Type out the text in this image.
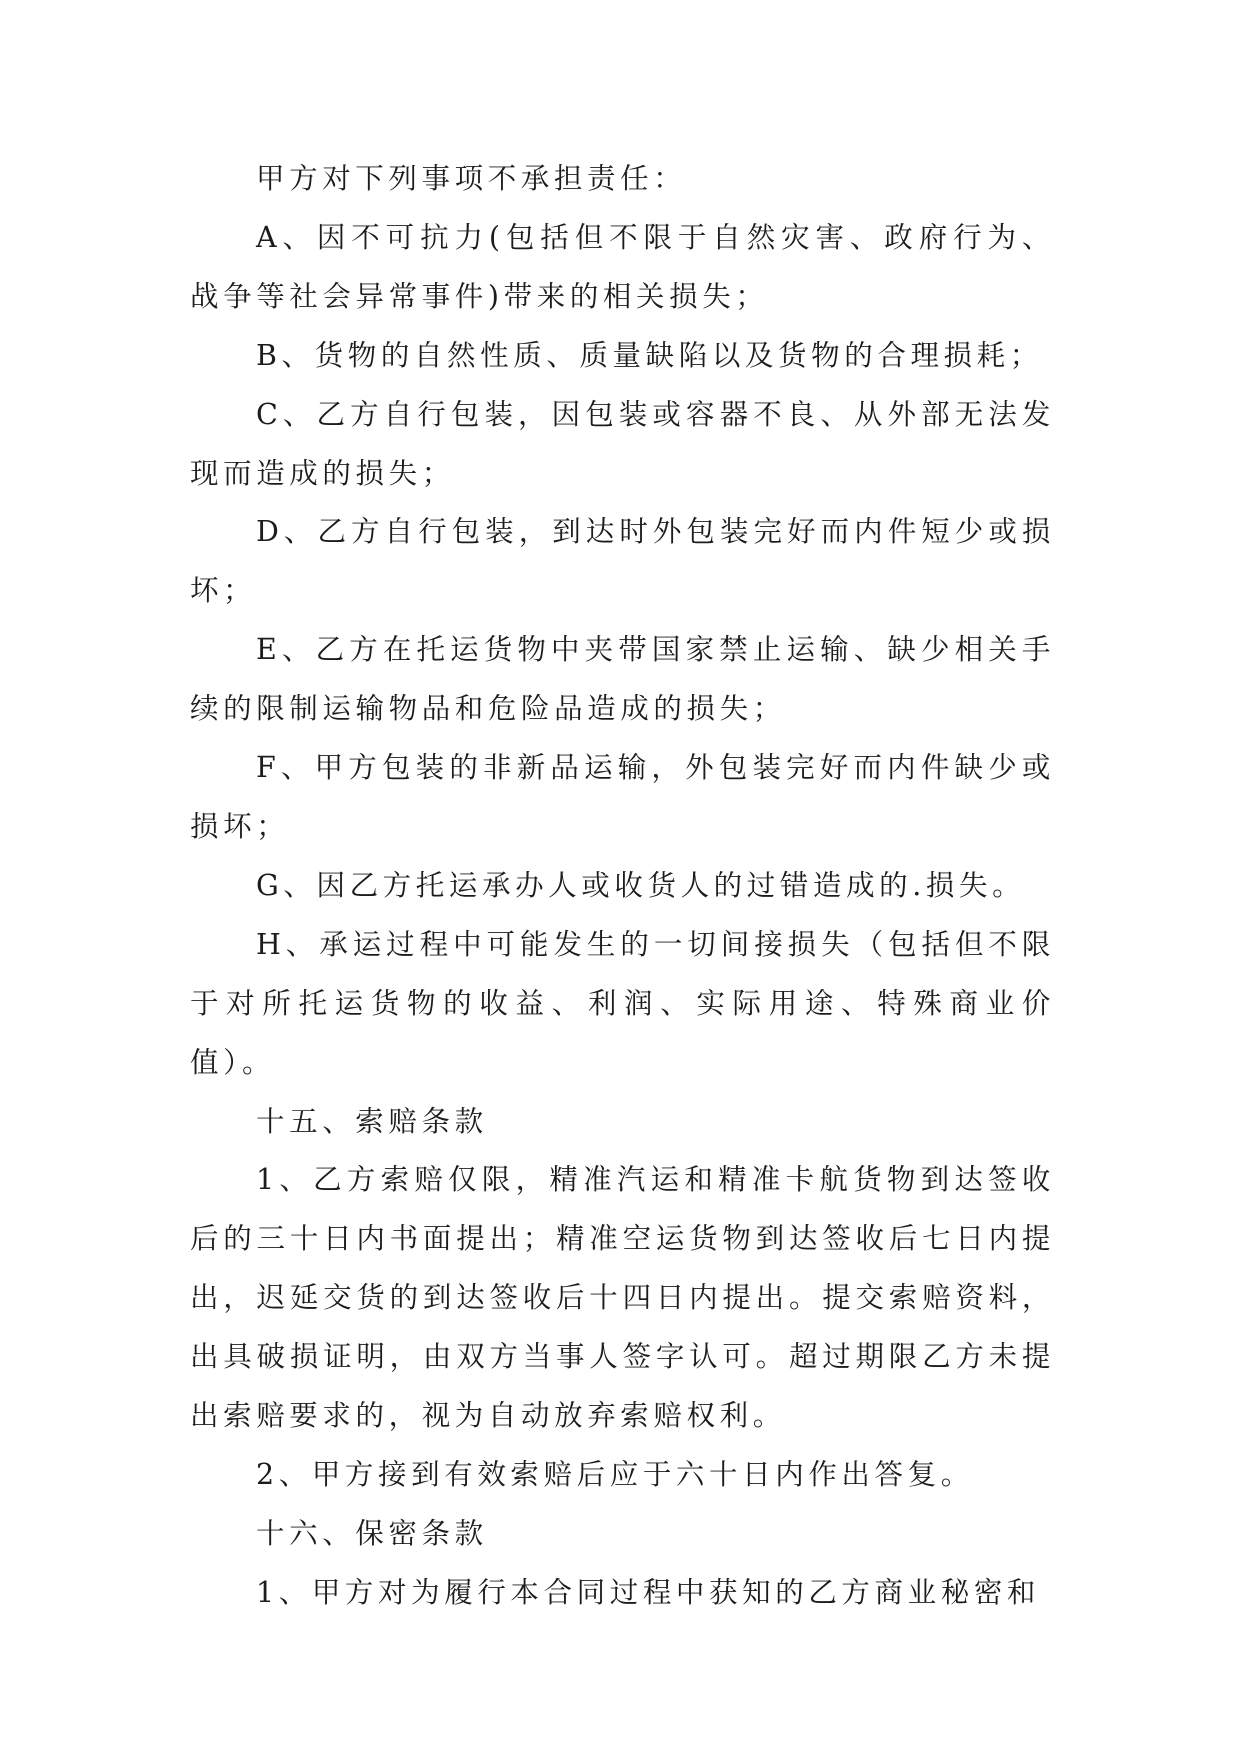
甲方对下列事项不承担责任：

A、因不可抗力(包括但不限于自然灾害、政府行为、战争等社会异常事件)带来的相关损失；

B、货物的自然性质、质量缺陷以及货物的合理损耗；

C、乙方自行包装，因包装或容器不良、从外部无法发现而造成的损失；

D、乙方自行包装，到达时外包装完好而内件短少或损坏；

E、乙方在托运货物中夹带国家禁止运输、缺少相关手续的限制运输物品和危险品造成的损失；

F、甲方包装的非新品运输，外包装完好而内件缺少或损坏；

G、因乙方托运承办人或收货人的过错造成的.损失。

H、承运过程中可能发生的一切间接损失（包括但不限于对所托运货物的收益、利润、实际用途、特殊商业价值）。

十五、索赔条款

1、乙方索赔仅限，精准汽运和精准卡航货物到达签收后的三十日内书面提出；精准空运货物到达签收后七日内提出，迟延交货的到达签收后十四日内提出。提交索赔资料，出具破损证明，由双方当事人签字认可。超过期限乙方未提出索赔要求的，视为自动放弃索赔权利。

2、甲方接到有效索赔后应于六十日内作出答复。

十六、保密条款

1、甲方对为履行本合同过程中获知的乙方商业秘密和
